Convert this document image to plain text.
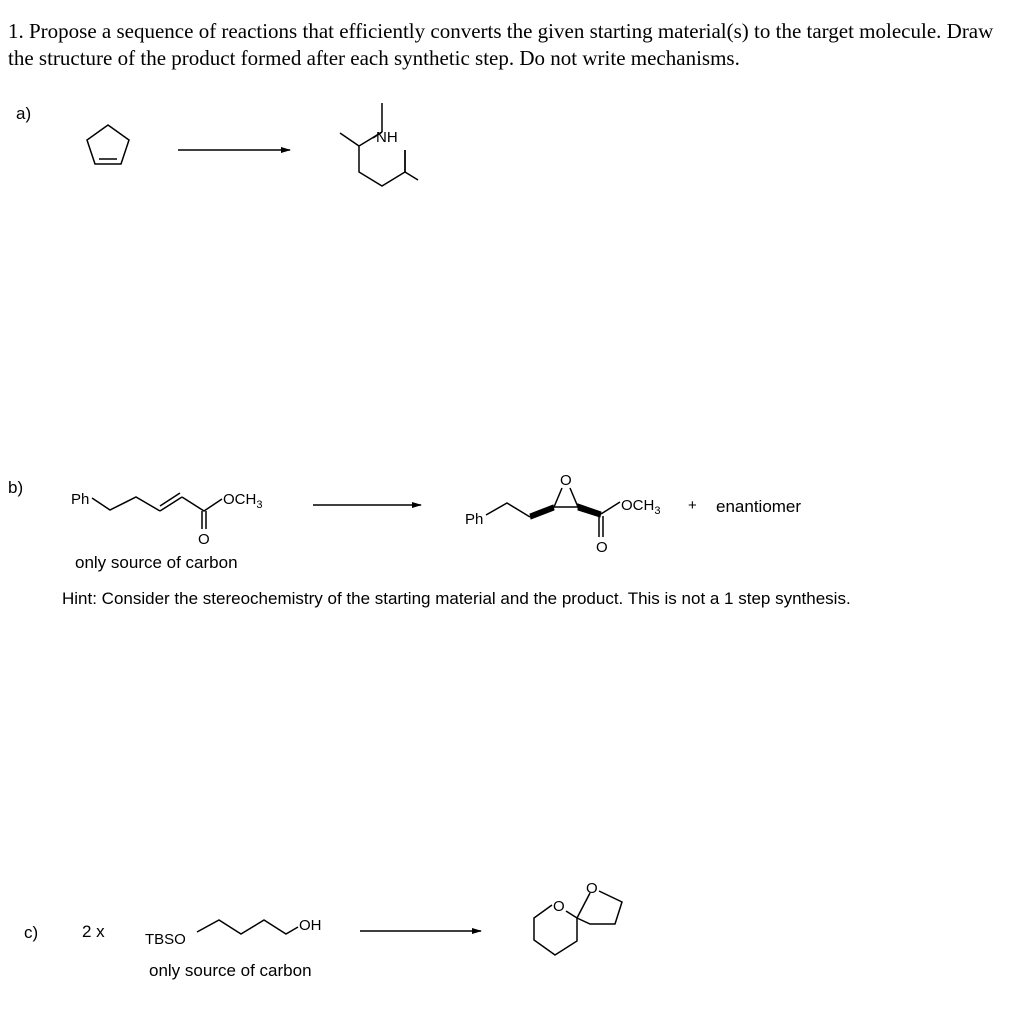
1. Propose a sequence of reactions that efficiently converts the given starting material(s) to the target molecule. Draw the structure of the product formed after each synthetic step. Do not write mechanisms.
a)
b)
only source of carbon
Hint: Consider the stereochemistry of the starting material and the product. This is not a 1 step synthesis.
c)	2 x
only source of carbon
NH
Ph	$OCH_3$
O
Ph
O
O
$OCH_3$ + enantiomer
TBSO
OH
O
O
